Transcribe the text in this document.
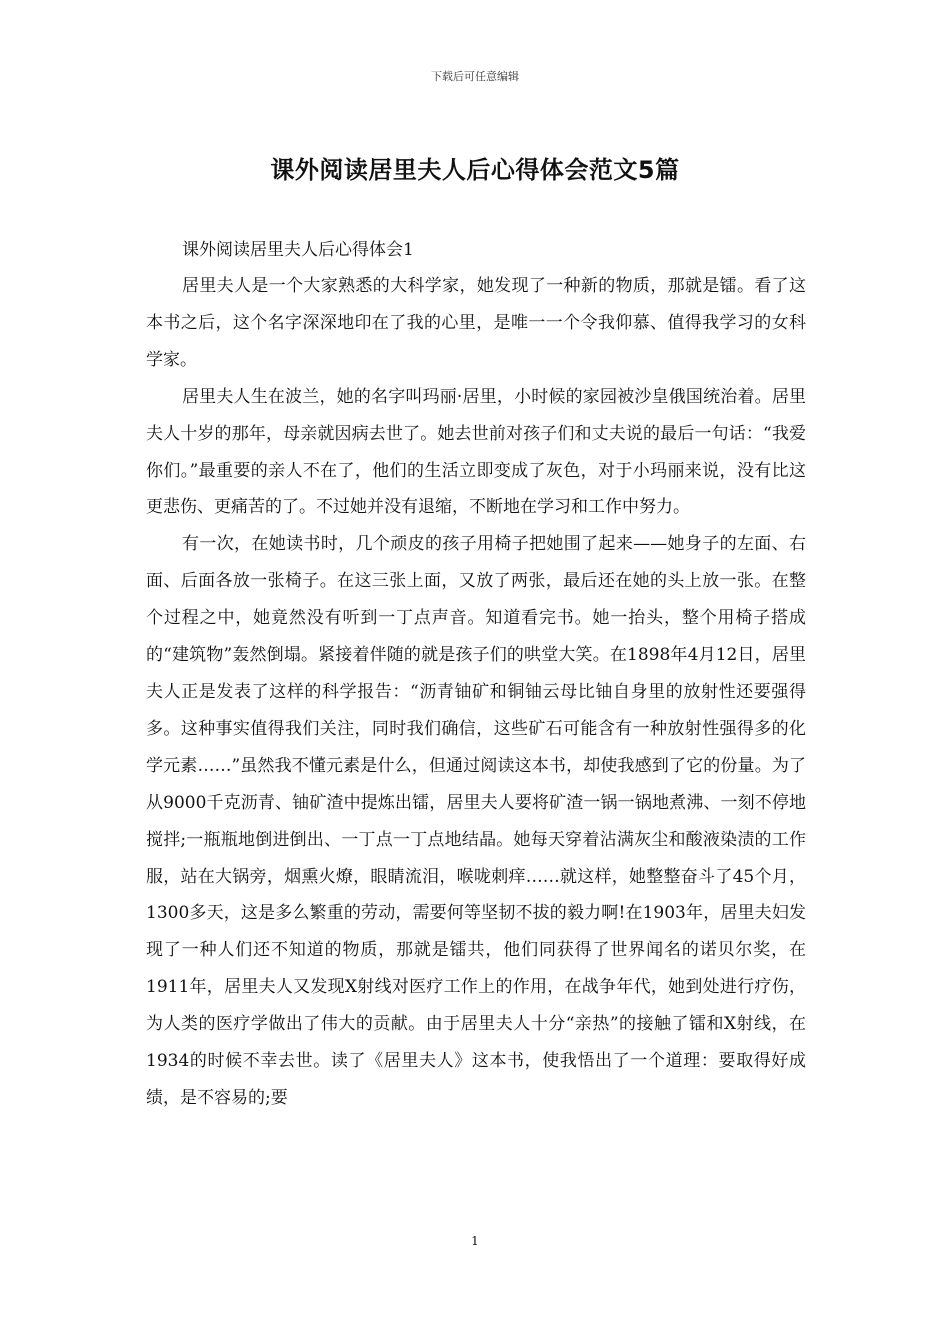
下载后可任意编辑
课外阅读居里夫人后心得体会范文5篇

课外阅读居里夫人后心得体会1

居里夫人是一个大家熟悉的大科学家，她发现了一种新的物质，那就是镭。看了这本书之后，这个名字深深地印在了我的心里，是唯一一个令我仰慕、值得我学习的女科学家。

居里夫人生在波兰，她的名字叫玛丽·居里，小时候的家园被沙皇俄国统治着。居里夫人十岁的那年，母亲就因病去世了。她去世前对孩子们和丈夫说的最后一句话：“我爱你们。”最重要的亲人不在了，他们的生活立即变成了灰色，对于小玛丽来说，没有比这更悲伤、更痛苦的了。不过她并没有退缩，不断地在学习和工作中努力。

有一次，在她读书时，几个顽皮的孩子用椅子把她围了起来——她身子的左面、右面、后面各放一张椅子。在这三张上面，又放了两张，最后还在她的头上放一张。在整个过程之中，她竟然没有听到一丁点声音。知道看完书。她一抬头，整个用椅子搭成的“建筑物”轰然倒塌。紧接着伴随的就是孩子们的哄堂大笑。在1898年4月12日，居里夫人正是发表了这样的科学报告：“沥青铀矿和铜铀云母比铀自身里的放射性还要强得多。这种事实值得我们关注，同时我们确信，这些矿石可能含有一种放射性强得多的化学元素……”虽然我不懂元素是什么，但通过阅读这本书，却使我感到了它的份量。为了从9000千克沥青、铀矿渣中提炼出镭，居里夫人要将矿渣一锅一锅地煮沸、一刻不停地搅拌;一瓶瓶地倒进倒出、一丁点一丁点地结晶。她每天穿着沾满灰尘和酸液染渍的工作服，站在大锅旁，烟熏火燎，眼睛流泪，喉咙刺痒……就这样，她整整奋斗了45个月，1300多天，这是多么繁重的劳动，需要何等坚韧不拔的毅力啊!在1903年，居里夫妇发现了一种人们还不知道的物质，那就是镭共，他们同获得了世界闻名的诺贝尔奖，在1911年，居里夫人又发现X射线对医疗工作上的作用，在战争年代，她到处进行疗伤，为人类的医疗学做出了伟大的贡献。由于居里夫人十分“亲热”的接触了镭和X射线，在1934的时候不幸去世。读了《居里夫人》这本书，使我悟出了一个道理：要取得好成绩，是不容易的;要

1
